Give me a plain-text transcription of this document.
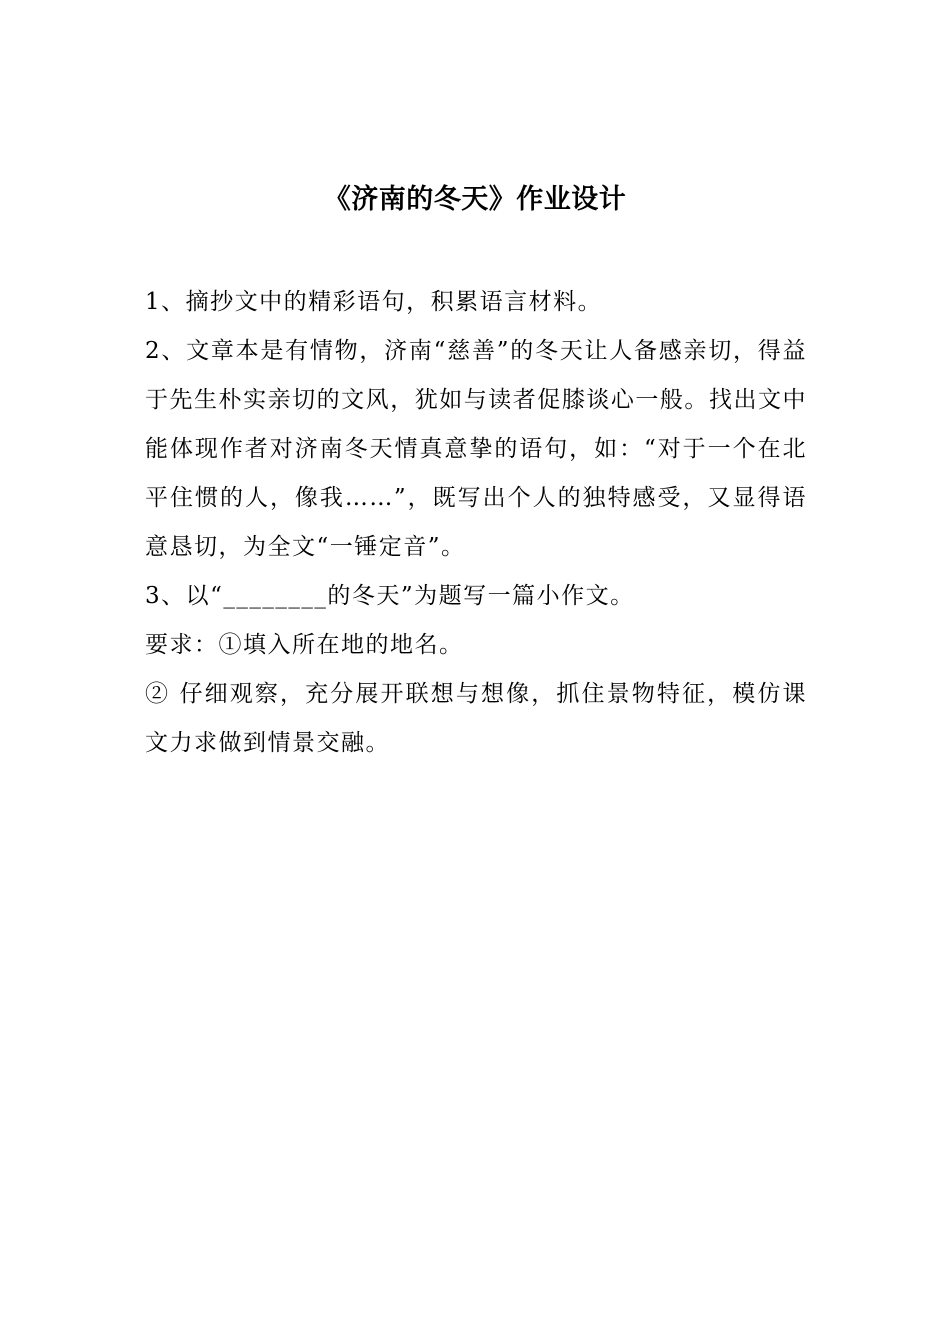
《济南的冬天》作业设计

1、摘抄文中的精彩语句，积累语言材料。

2、文章本是有情物，济南“慈善”的冬天让人备感亲切，得益于先生朴实亲切的文风，犹如与读者促膝谈心一般。找出文中能体现作者对济南冬天情真意挚的语句，如：“对于一个在北平住惯的人，像我……”，既写出个人的独特感受，又显得语意恳切，为全文“一锤定音”。

3、以“________的冬天”为题写一篇小作文。

要求：①填入所在地的地名。

② 仔细观察，充分展开联想与想像，抓住景物特征，模仿课文力求做到情景交融。
